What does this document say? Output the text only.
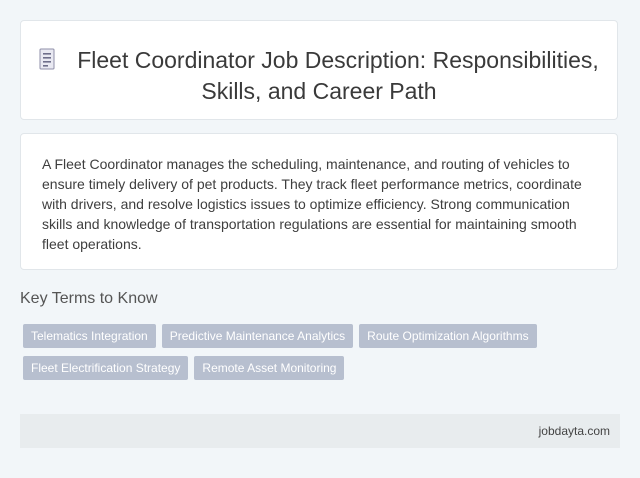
Fleet Coordinator Job Description: Responsibilities, Skills, and Career Path

A Fleet Coordinator manages the scheduling, maintenance, and routing of vehicles to ensure timely delivery of pet products. They track fleet performance metrics, coordinate with drivers, and resolve logistics issues to optimize efficiency. Strong communication skills and knowledge of transportation regulations are essential for maintaining smooth fleet operations.

Key Terms to Know
Telematics Integration Predictive Maintenance Analytics Route Optimization AlgorithmsFleet Electrification Strategy Remote Asset Monitoring
jobdayta.com
